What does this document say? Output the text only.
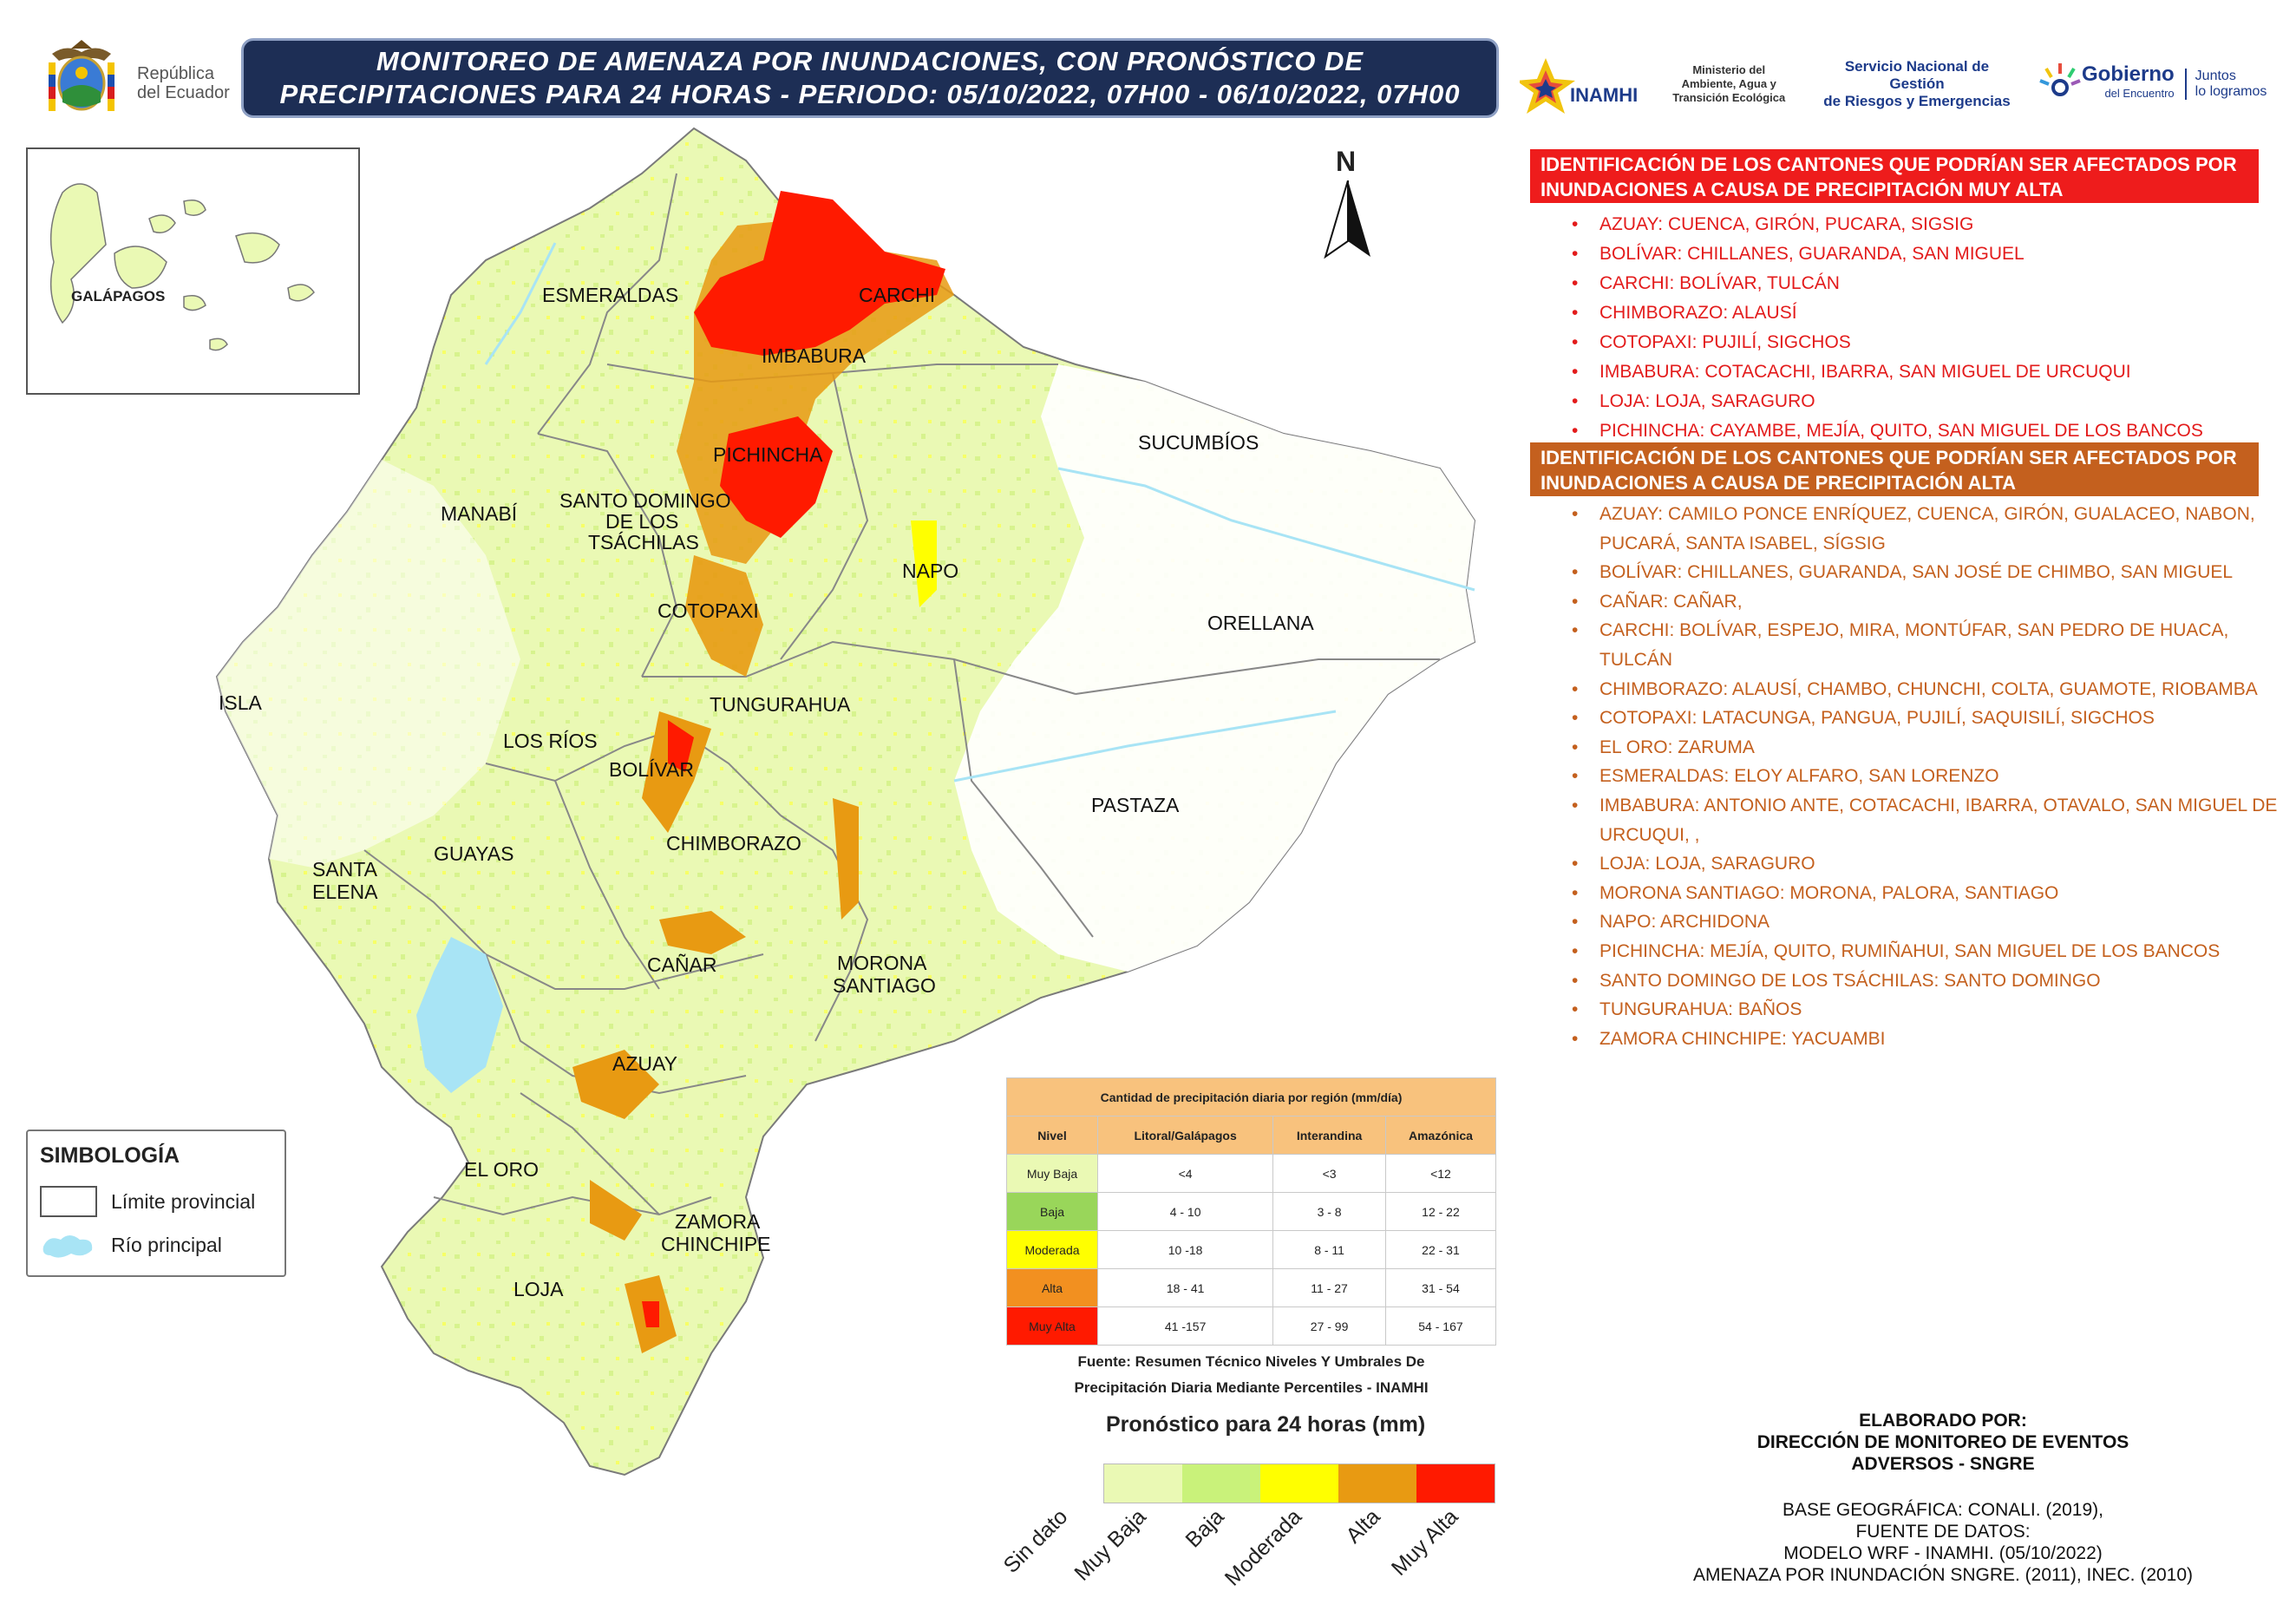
República
del Ecuador
MONITOREO DE AMENAZA POR INUNDACIONES, CON PRONÓSTICO DE
PRECIPITACIONES PARA 24 HORAS - PERIODO: 05/10/2022, 07H00 - 06/10/2022, 07H00	INAMHI
Ministerio del
Ambiente, Agua y
Transición Ecológica
Servicio Nacional de Gestión
de Riesgos y Emergencias
Gobierno
del Encuentro
Juntos
lo logramos
ESMERALDAS	CARCHI
IMBABURA
SUCUMBÍOS
PICHINCHA
MANABÍ
SANTO DOMINGO
DE LOS
TSÁCHILAS
NAPO
COTOPAXI
ORELLANA
ISLA	TUNGURAHUA
LOS RÍOS
BOLÍVAR
PASTAZA
SANTA
ELENA
GUAYAS	CHIMBORAZO
CAÑAR	MORONA
SANTIAGO
AZUAY
EL ORO
ZAMORA
CHINCHIPE
LOJA
GALÁPAGOS
N
SIMBOLOGÍA
Límite provincial
Río principal
Cantidad de precipitación diaria por región (mm/día)			
Nivel	Litoral/Galápagos	Interandina	Amazónica
Muy Baja	<4	<3	<12
Baja	4 - 10	3 - 8	12 - 22
Moderada	10 -18	8 - 11	22 - 31
Alta	18 - 41	11 - 27	31 - 54
Muy Alta	41 -157	27 - 99	54 - 167
Fuente: Resumen Técnico Niveles Y Umbrales De
Precipitación Diaria Mediante Percentiles - INAMHI
Pronóstico para 24 horas (mm)
Sin dato
Muy Baja Baja
Moderada Alta Muy Alta
IDENTIFICACIÓN DE LOS CANTONES QUE PODRÍAN SER AFECTADOS POR
INUNDACIONES A CAUSA DE PRECIPITACIÓN MUY ALTA
• AZUAY: CUENCA, GIRÓN, PUCARA, SIGSIG
• BOLÍVAR: CHILLANES, GUARANDA, SAN MIGUEL
• CARCHI: BOLÍVAR, TULCÁN
• CHIMBORAZO: ALAUSÍ
• COTOPAXI: PUJILÍ, SIGCHOS
• IMBABURA: COTACACHI, IBARRA, SAN MIGUEL DE URCUQUI
• LOJA: LOJA, SARAGURO
• PICHINCHA: CAYAMBE, MEJÍA, QUITO, SAN MIGUEL DE LOS BANCOS
IDENTIFICACIÓN DE LOS CANTONES QUE PODRÍAN SER AFECTADOS POR
INUNDACIONES A CAUSA DE PRECIPITACIÓN ALTA
• AZUAY: CAMILO PONCE ENRÍQUEZ, CUENCA, GIRÓN, GUALACEO, NABON,
PUCARÁ, SANTA ISABEL, SÍGSIG
• BOLÍVAR: CHILLANES, GUARANDA, SAN JOSÉ DE CHIMBO, SAN MIGUEL
• CAÑAR: CAÑAR,
• CARCHI: BOLÍVAR, ESPEJO, MIRA, MONTÚFAR, SAN PEDRO DE HUACA, TULCÁN
• CHIMBORAZO: ALAUSÍ, CHAMBO, CHUNCHI, COLTA, GUAMOTE, RIOBAMBA
• COTOPAXI: LATACUNGA, PANGUA, PUJILÍ, SAQUISILÍ, SIGCHOS
• EL ORO: ZARUMA
• ESMERALDAS: ELOY ALFARO, SAN LORENZO
• IMBABURA: ANTONIO ANTE, COTACACHI, IBARRA, OTAVALO, SAN MIGUEL DE
URCUQUI, ,
• LOJA: LOJA, SARAGURO
• MORONA SANTIAGO: MORONA, PALORA, SANTIAGO
• NAPO: ARCHIDONA
• PICHINCHA: MEJÍA, QUITO, RUMIÑAHUI, SAN MIGUEL DE LOS BANCOS
• SANTO DOMINGO DE LOS TSÁCHILAS: SANTO DOMINGO
• TUNGURAHUA: BAÑOS
• ZAMORA CHINCHIPE: YACUAMBI
ELABORADO POR:
DIRECCIÓN DE MONITOREO DE EVENTOS
ADVERSOS - SNGRE
BASE GEOGRÁFICA: CONALI. (2019),
FUENTE DE DATOS:
MODELO WRF - INAMHI. (05/10/2022)
AMENAZA POR INUNDACIÓN SNGRE. (2011), INEC. (2010)
